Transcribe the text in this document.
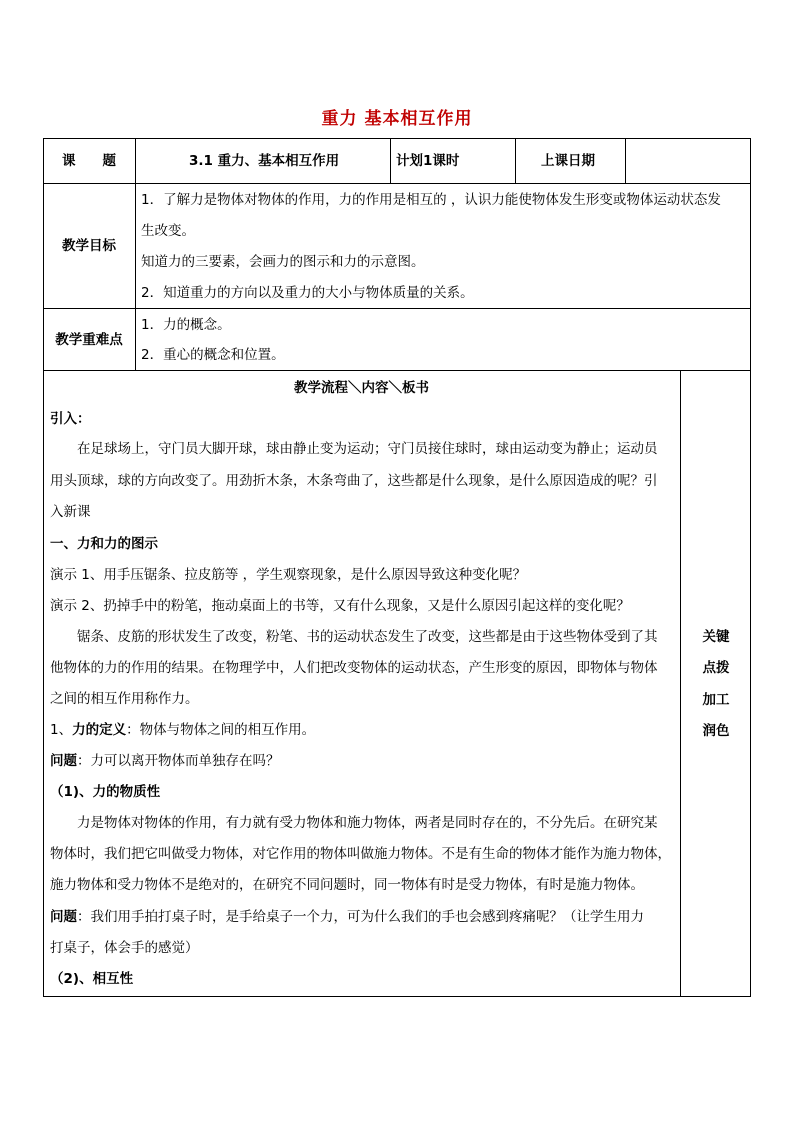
重力 基本相互作用
课　　题	3.1 重力、基本相互作用	计划1课时	上课日期
教学目标
1．了解力是物体对物体的作用，力的作用是相互的 ，认识力能使物体发生形变或物体运动状态发
生改变。
知道力的三要素，会画力的图示和力的示意图。
2．知道重力的方向以及重力的大小与物体质量的关系。
教学重难点
1．力的概念。
2．重心的概念和位置。
教学流程＼内容＼板书
关键
点拨
加工
润色
引入：
在足球场上，守门员大脚开球，球由静止变为运动；守门员接住球时，球由运动变为静止；运动员
用头顶球，球的方向改变了。用劲折木条，木条弯曲了，这些都是什么现象，是什么原因造成的呢？引
入新课
一、力和力的图示
演示 1、用手压锯条、拉皮筋等 ，学生观察现象，是什么原因导致这种变化呢？
演示 2、扔掉手中的粉笔，拖动桌面上的书等，又有什么现象，又是什么原因引起这样的变化呢？
锯条、皮筋的形状发生了改变，粉笔、书的运动状态发生了改变，这些都是由于这些物体受到了其
他物体的力的作用的结果。在物理学中，人们把改变物体的运动状态，产生形变的原因，即物体与物体
之间的相互作用称作力。
1、力的定义：物体与物体之间的相互作用。
问题：力可以离开物体而单独存在吗？
（1)、力的物质性
力是物体对物体的作用，有力就有受力物体和施力物体，两者是同时存在的，不分先后。在研究某
物体时，我们把它叫做受力物体，对它作用的物体叫做施力物体。不是有生命的物体才能作为施力物体，
施力物体和受力物体不是绝对的，在研究不同问题时，同一物体有时是受力物体，有时是施力物体。
问题：我们用手拍打桌子时，是手给桌子一个力，可为什么我们的手也会感到疼痛呢？（让学生用力
打桌子，体会手的感觉）
（2)、相互性
